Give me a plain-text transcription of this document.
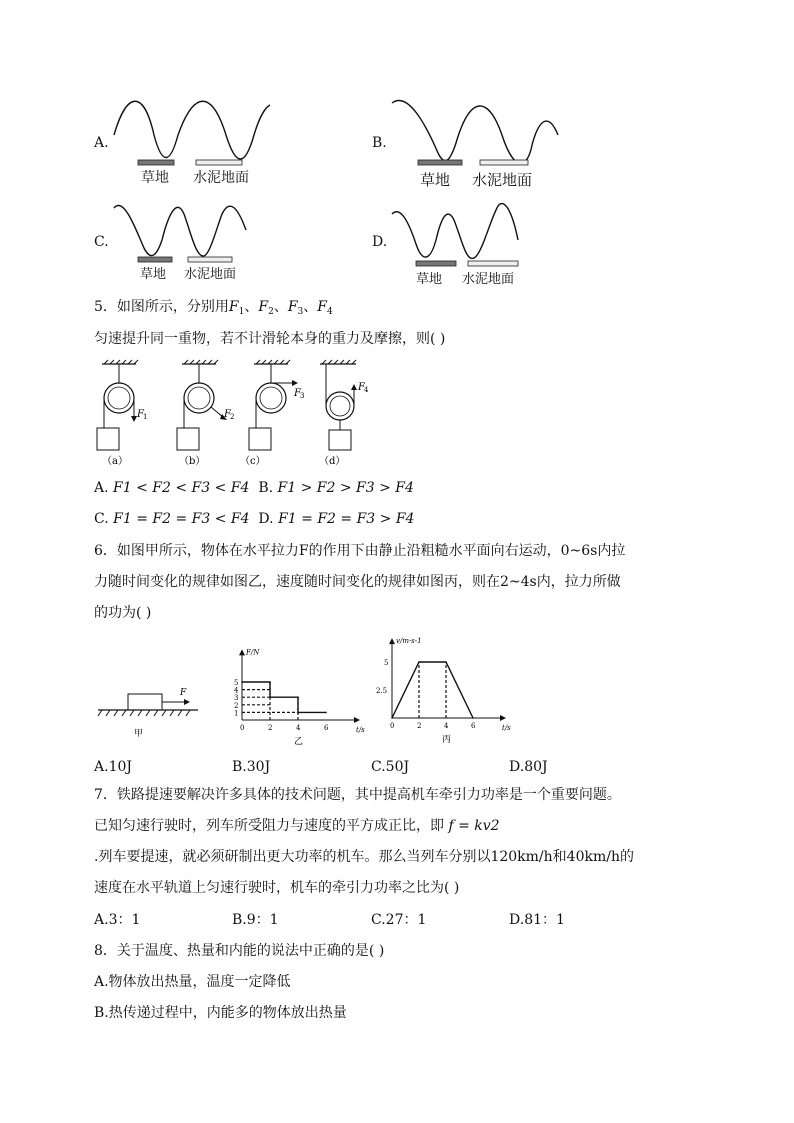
A.
草地 水泥地面
B.
草地 水泥地面
C.
草地 水泥地面
D.
草地 水泥地面
5．如图所示，分别用$F_1$、$F_2$、$F_3$、$F_4$
匀速提升同一重物，若不计滑轮本身的重力及摩擦，则( )
F 1	F 2
F 3
F 4
（a）	（b）	（c）	（d）
A. F1 < F2 < F3 < F4 B. F1 > F2 > F3 > F4
C. F1 = F2 = F3 < F4 D. F1 = F2 = F3 > F4
6．如图甲所示，物体在水平拉力F的作用下由静止沿粗糙水平面向右运动，0~6s内拉
力随时间变化的规律如图乙，速度随时间变化的规律如图丙，则在2~4s内，拉力所做
的功为( )
F
甲
F/N
t/s
0	2	4	6
1
2
3
4
5
乙
v/m·s-1
t/s
0	2	4	6
2.5
5
丙
A.10J	B.30J	C.50J	D.80J
7．铁路提速要解决许多具体的技术问题，其中提高机车牵引力功率是一个重要问题。
已知匀速行驶时，列车所受阻力与速度的平方成正比，即 f = kv2
.列车要提速，就必须研制出更大功率的机车。那么当列车分别以120km/h和40km/h的
速度在水平轨道上匀速行驶时，机车的牵引力功率之比为( )
A.3：1	B.9：1	C.27：1	D.81：1
8．关于温度、热量和内能的说法中正确的是( )
A.物体放出热量，温度一定降低
B.热传递过程中，内能多的物体放出热量
